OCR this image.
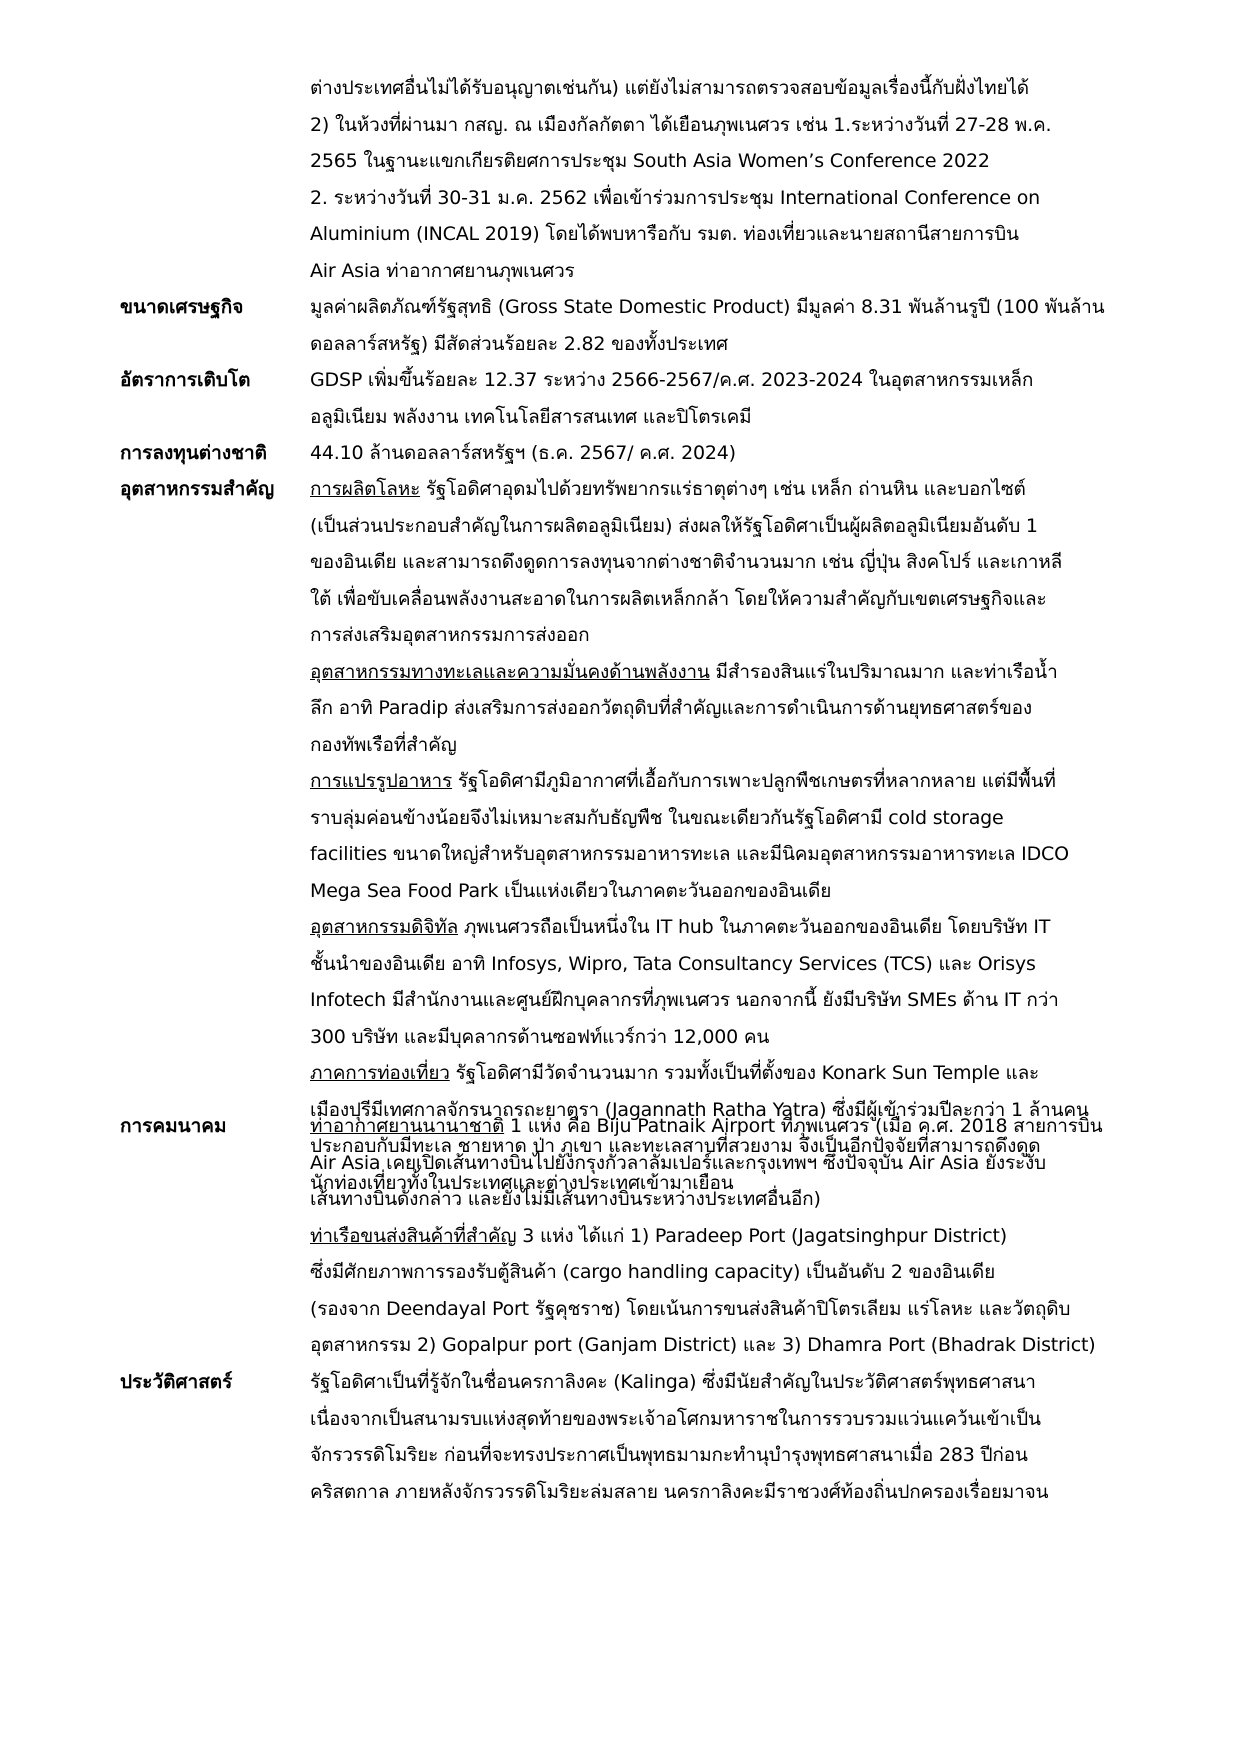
ต่างประเทศอื่นไม่ได้รับอนุญาตเช่นกัน) แต่ยังไม่สามารถตรวจสอบข้อมูลเรื่องนี้กับฝั่งไทยได้
2) ในห้วงที่ผ่านมา กสญ. ณ เมืองกัลกัตตา ได้เยือนภุพเนศวร เช่น 1.ระหว่างวันที่ 27-28 พ.ค.
2565 ในฐานะแขกเกียรติยศการประชุม South Asia Women’s Conference 2022
2. ระหว่างวันที่ 30-31 ม.ค. 2562 เพื่อเข้าร่วมการประชุม International Conference on
Aluminium (INCAL 2019) โดยได้พบหารือกับ รมต. ท่องเที่ยวและนายสถานีสายการบิน
Air Asia ท่าอากาศยานภุพเนศวร
ขนาดเศรษฐกิจ	มูลค่าผลิตภัณฑ์รัฐสุทธิ (Gross State Domestic Product) มีมูลค่า 8.31 พันล้านรูปี (100 พันล้าน
ดอลลาร์สหรัฐ) มีสัดส่วนร้อยละ 2.82 ของทั้งประเทศ
อัตราการเติบโต	GDSP เพิ่มขึ้นร้อยละ 12.37 ระหว่าง 2566-2567/ค.ศ. 2023-2024 ในอุตสาหกรรมเหล็ก
อลูมิเนียม พลังงาน เทคโนโลยีสารสนเทศ และปิโตรเคมี
การลงทุนต่างชาติ	44.10 ล้านดอลลาร์สหรัฐฯ (ธ.ค. 2567/ ค.ศ. 2024)
อุตสาหกรรมสำคัญ	การผลิตโลหะ รัฐโอดิศาอุดมไปด้วยทรัพยากรแร่ธาตุต่างๆ เช่น เหล็ก ถ่านหิน และบอกไซต์
(เป็นส่วนประกอบสำคัญในการผลิตอลูมิเนียม) ส่งผลให้รัฐโอดิศาเป็นผู้ผลิตอลูมิเนียมอันดับ 1
ของอินเดีย และสามารถดึงดูดการลงทุนจากต่างชาติจำนวนมาก เช่น ญี่ปุ่น สิงคโปร์ และเกาหลี
ใต้ เพื่อขับเคลื่อนพลังงานสะอาดในการผลิตเหล็กกล้า โดยให้ความสำคัญกับเขตเศรษฐกิจและ
การส่งเสริมอุตสาหกรรมการส่งออก
อุตสาหกรรมทางทะเลและความมั่นคงด้านพลังงาน มีสำรองสินแร่ในปริมาณมาก และท่าเรือน้ำ
ลึก อาทิ Paradip ส่งเสริมการส่งออกวัตถุดิบที่สำคัญและการดำเนินการด้านยุทธศาสตร์ของ
กองทัพเรือที่สำคัญ
การแปรรูปอาหาร รัฐโอดิศามีภูมิอากาศที่เอื้อกับการเพาะปลูกพืชเกษตรที่หลากหลาย แต่มีพื้นที่
ราบลุ่มค่อนข้างน้อยจึงไม่เหมาะสมกับธัญพืช ในขณะเดียวกันรัฐโอดิศามี cold storage
facilities ขนาดใหญ่สำหรับอุตสาหกรรมอาหารทะเล และมีนิคมอุตสาหกรรมอาหารทะเล IDCO
Mega Sea Food Park เป็นแห่งเดียวในภาคตะวันออกของอินเดีย
อุตสาหกรรมดิจิทัล ภุพเนศวรถือเป็นหนึ่งใน IT hub ในภาคตะวันออกของอินเดีย โดยบริษัท IT
ชั้นนำของอินเดีย อาทิ Infosys, Wipro, Tata Consultancy Services (TCS) และ Orisys
Infotech มีสำนักงานและศูนย์ฝึกบุคลากรที่ภุพเนศวร นอกจากนี้ ยังมีบริษัท SMEs ด้าน IT กว่า
300 บริษัท และมีบุคลากรด้านซอฟท์แวร์กว่า 12,000 คน
ภาคการท่องเที่ยว รัฐโอดิศามีวัดจำนวนมาก รวมทั้งเป็นที่ตั้งของ Konark Sun Temple และ
เมืองปุรีมีเทศกาลจักรนาถรถะยาตรา (Jagannath Ratha Yatra) ซึ่งมีผู้เข้าร่วมปีละกว่า 1 ล้านคน
ประกอบกับมีทะเล ชายหาด ป่า ภูเขา และทะเลสาบที่สวยงาม จึงเป็นอีกปัจจัยที่สามารถดึงดูด
นักท่องเที่ยวทั้งในประเทศและต่างประเทศเข้ามาเยือน
การคมนาคม	ท่าอากาศยานนานาชาติ 1 แห่ง คือ Biju Patnaik Airport ที่ภุพเนศวร (เมื่อ ค.ศ. 2018 สายการบิน
Air Asia เคยเปิดเส้นทางบินไปยังกรุงกัวลาลัมเปอร์และกรุงเทพฯ ซึ่งปัจจุบัน Air Asia ยังระงับ
เส้นทางบินดังกล่าว และยังไม่มีเส้นทางบินระหว่างประเทศอื่นอีก)
ท่าเรือขนส่งสินค้าที่สำคัญ 3 แห่ง ได้แก่ 1) Paradeep Port (Jagatsinghpur District)
ซึ่งมีศักยภาพการรองรับตู้สินค้า (cargo handling capacity) เป็นอันดับ 2 ของอินเดีย
(รองจาก Deendayal Port รัฐคุชราช) โดยเน้นการขนส่งสินค้าปิโตรเลียม แร่โลหะ และวัตถุดิบ
อุตสาหกรรม 2) Gopalpur port (Ganjam District) และ 3) Dhamra Port (Bhadrak District)
ประวัติศาสตร์	รัฐโอดิศาเป็นที่รู้จักในชื่อนครกาลิงคะ (Kalinga) ซึ่งมีนัยสำคัญในประวัติศาสตร์พุทธศาสนา
เนื่องจากเป็นสนามรบแห่งสุดท้ายของพระเจ้าอโศกมหาราชในการรวบรวมแว่นแคว้นเข้าเป็น
จักรวรรดิโมริยะ ก่อนที่จะทรงประกาศเป็นพุทธมามกะทำนุบำรุงพุทธศาสนาเมื่อ 283 ปีก่อน
คริสตกาล ภายหลังจักรวรรดิโมริยะล่มสลาย นครกาลิงคะมีราชวงศ์ท้องถิ่นปกครองเรื่อยมาจน
